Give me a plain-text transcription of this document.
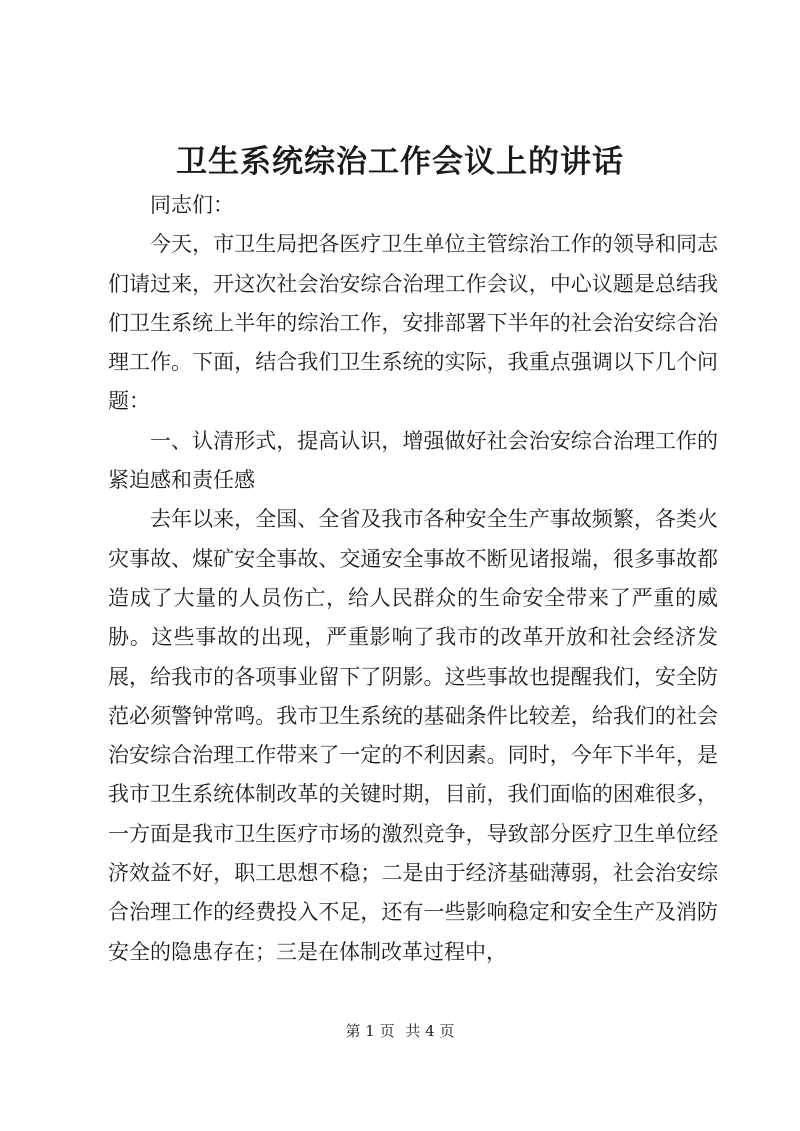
卫生系统综治工作会议上的讲话

同志们：

今天，市卫生局把各医疗卫生单位主管综治工作的领导和同志们请过来，开这次社会治安综合治理工作会议，中心议题是总结我们卫生系统上半年的综治工作，安排部署下半年的社会治安综合治理工作。下面，结合我们卫生系统的实际，我重点强调以下几个问题：

一、认清形式，提高认识，增强做好社会治安综合治理工作的紧迫感和责任感

去年以来，全国、全省及我市各种安全生产事故频繁，各类火灾事故、煤矿安全事故、交通安全事故不断见诸报端，很多事故都造成了大量的人员伤亡，给人民群众的生命安全带来了严重的威胁。这些事故的出现，严重影响了我市的改革开放和社会经济发展，给我市的各项事业留下了阴影。这些事故也提醒我们，安全防范必须警钟常鸣。我市卫生系统的基础条件比较差，给我们的社会治安综合治理工作带来了一定的不利因素。同时，今年下半年，是我市卫生系统体制改革的关键时期，目前，我们面临的困难很多，一方面是我市卫生医疗市场的激烈竞争，导致部分医疗卫生单位经济效益不好，职工思想不稳；二是由于经济基础薄弱，社会治安综合治理工作的经费投入不足，还有一些影响稳定和安全生产及消防安全的隐患存在；三是在体制改革过程中，

第 1 页 共 4 页
